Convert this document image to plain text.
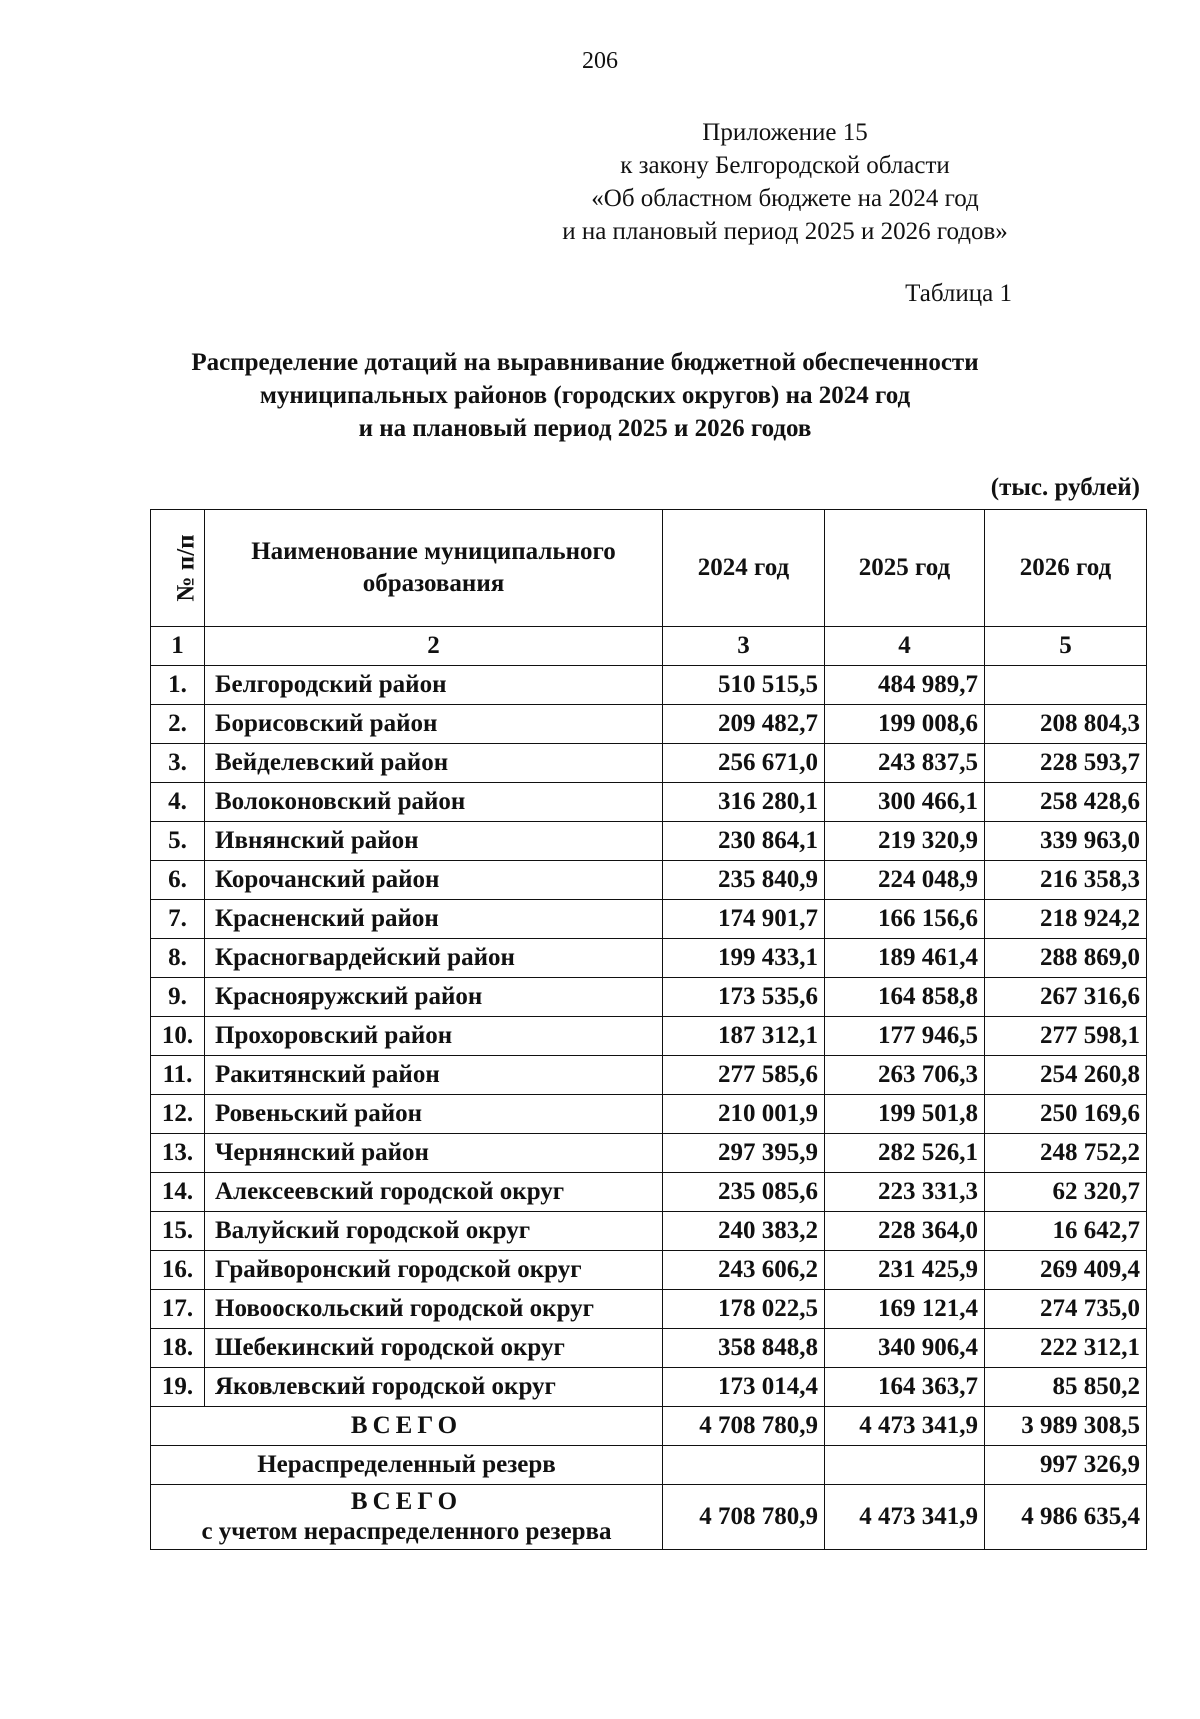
206
Приложение 15
к закону Белгородской области
«Об областном бюджете на 2024 год
и на плановый период 2025 и 2026 годов»
Таблица 1
Распределение дотаций на выравнивание бюджетной обеспеченности
муниципальных районов (городских округов) на 2024 год
и на плановый период 2025 и 2026 годов
(тыс. рублей)
№ п/п	Наименование муниципального образования	2024 год	2025 год	2026 год
1	2	3	4	5
1.	Белгородский район	510 515,5	484 989,7	
2.	Борисовский район	209 482,7	199 008,6	208 804,3
3.	Вейделевский район	256 671,0	243 837,5	228 593,7
4.	Волоконовский район	316 280,1	300 466,1	258 428,6
5.	Ивнянский район	230 864,1	219 320,9	339 963,0
6.	Корочанский район	235 840,9	224 048,9	216 358,3
7.	Красненский район	174 901,7	166 156,6	218 924,2
8.	Красногвардейский район	199 433,1	189 461,4	288 869,0
9.	Краснояружский район	173 535,6	164 858,8	267 316,6
10.	Прохоровский район	187 312,1	177 946,5	277 598,1
11.	Ракитянский район	277 585,6	263 706,3	254 260,8
12.	Ровеньский район	210 001,9	199 501,8	250 169,6
13.	Чернянский район	297 395,9	282 526,1	248 752,2
14.	Алексеевский городской округ	235 085,6	223 331,3	62 320,7
15.	Валуйский городской округ	240 383,2	228 364,0	16 642,7
16.	Грайворонский городской округ	243 606,2	231 425,9	269 409,4
17.	Новооскольский городской округ	178 022,5	169 121,4	274 735,0
18.	Шебекинский городской округ	358 848,8	340 906,4	222 312,1
19.	Яковлевский городской округ	173 014,4	164 363,7	85 850,2
ВСЕГО		4 708 780,9	4 473 341,9	3 989 308,5
Нераспределенный резерв				997 326,9

ВСЕГО
с учетом нераспределенного резерва		4 708 780,9	4 473 341,9	4 986 635,4
